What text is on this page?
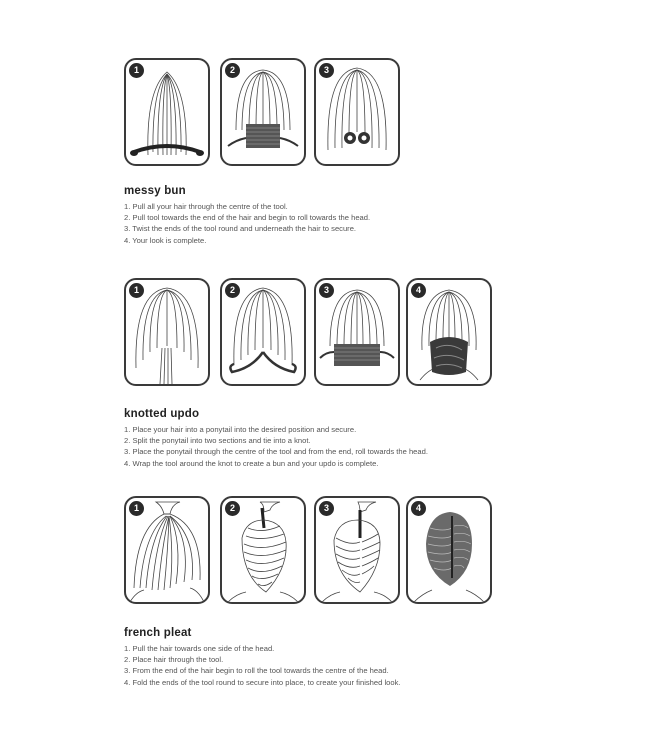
1	2	3
messy bun
1. Pull all your hair through the centre of the tool.
2. Pull tool towards the end of the hair and begin to roll towards the head.
3. Twist the ends of the tool round and underneath the hair to secure.
4. Your look is complete.
1	2	3	4
knotted updo
1. Place your hair into a ponytail into the desired position and secure.
2. Split the ponytail into two sections and tie into a knot.
3. Place the ponytail through the centre of the tool and from the end, roll towards the head.
4. Wrap the tool around the knot to create a bun and your updo is complete.
1	2	3	4
french pleat
1. Pull the hair towards one side of the head.
2. Place hair through the tool.
3. From the end of the hair begin to roll the tool towards the centre of the head.
4. Fold the ends of the tool round to secure into place, to create your finished look.
